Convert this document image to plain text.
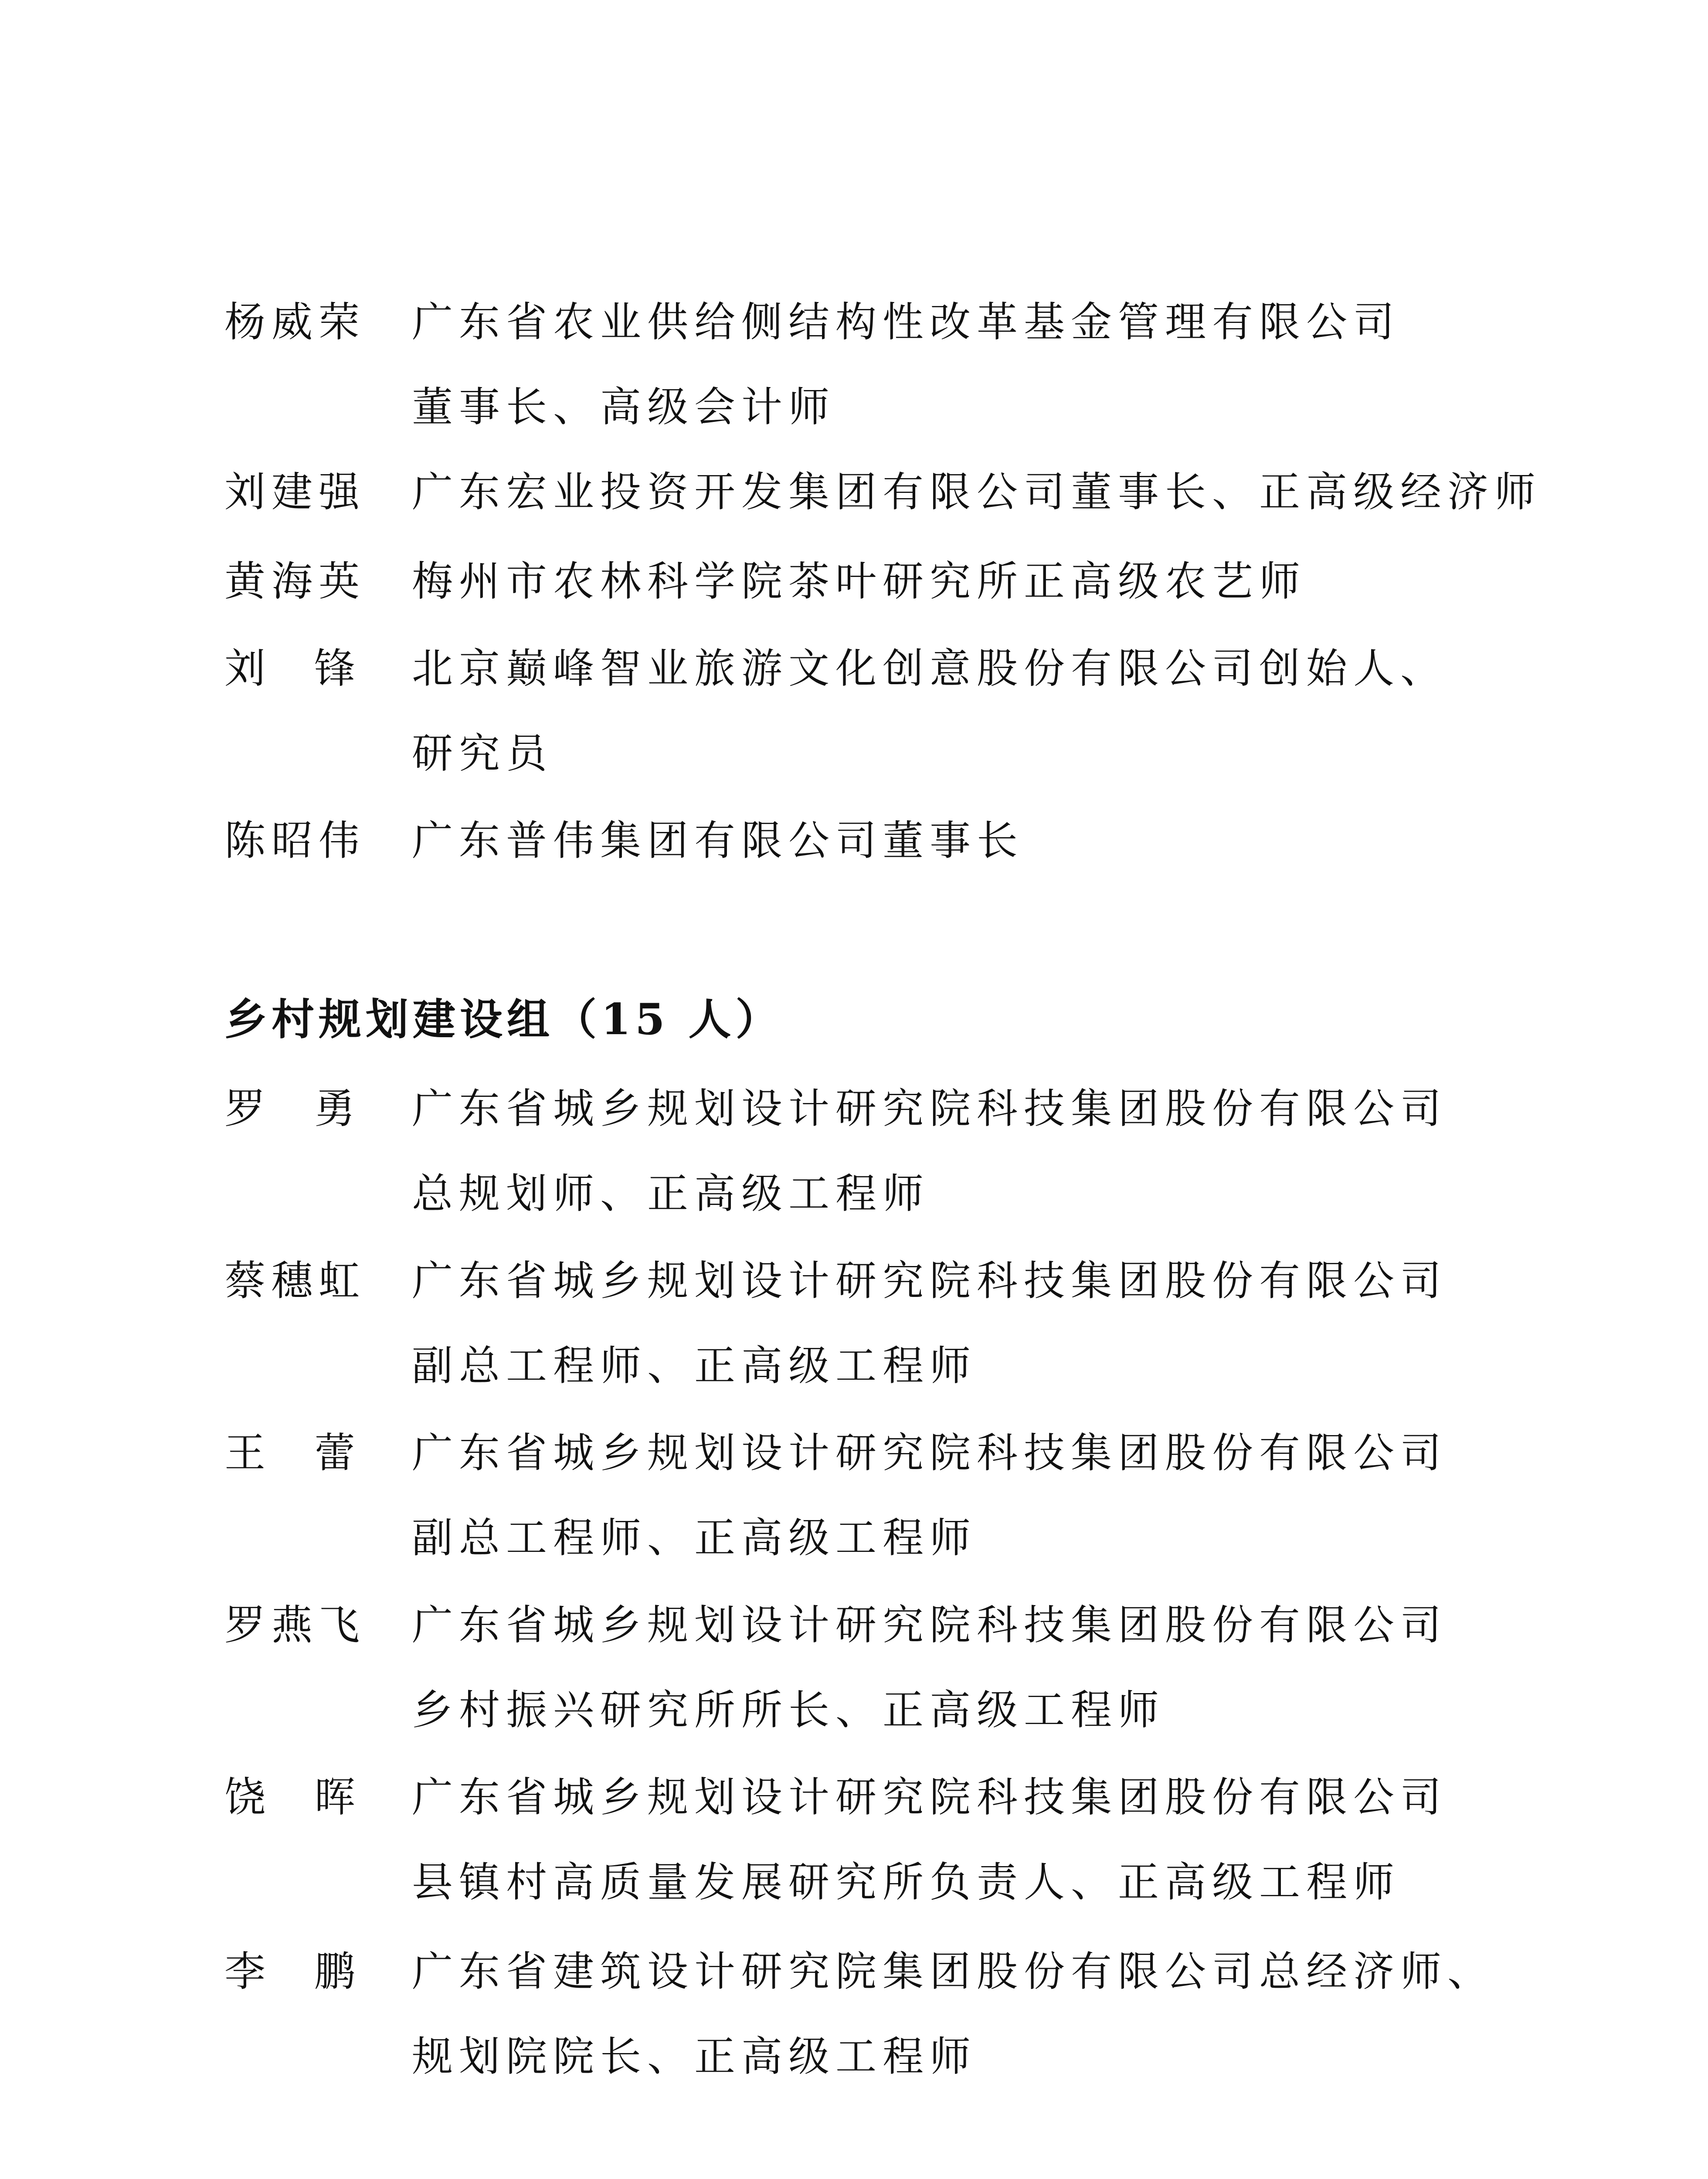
杨威荣 广东省农业供给侧结构性改革基金管理有限公司
董事长、高级会计师
刘建强 广东宏业投资开发集团有限公司董事长、正高级经济师
黄海英 梅州市农林科学院茶叶研究所正高级农艺师
刘 锋 北京巅峰智业旅游文化创意股份有限公司创始人、
研究员
陈昭伟 广东普伟集团有限公司董事长
乡村规划建设组（15 人）
罗 勇 广东省城乡规划设计研究院科技集团股份有限公司
总规划师、正高级工程师
蔡穗虹 广东省城乡规划设计研究院科技集团股份有限公司
副总工程师、正高级工程师
王 蕾 广东省城乡规划设计研究院科技集团股份有限公司
副总工程师、正高级工程师
罗燕飞 广东省城乡规划设计研究院科技集团股份有限公司
乡村振兴研究所所长、正高级工程师
饶 晖 广东省城乡规划设计研究院科技集团股份有限公司
县镇村高质量发展研究所负责人、正高级工程师
李 鹏 广东省建筑设计研究院集团股份有限公司总经济师、
规划院院长、正高级工程师
